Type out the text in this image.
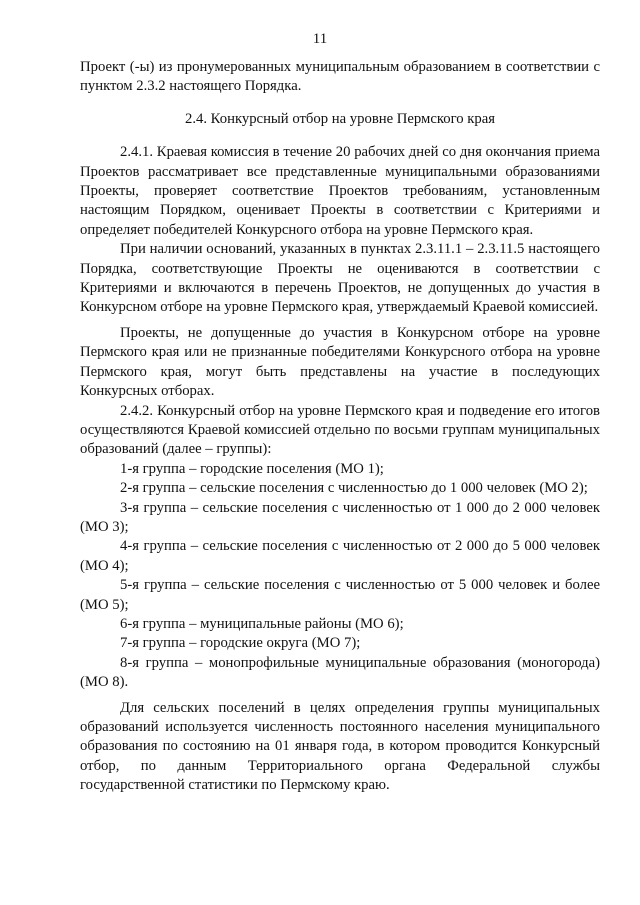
11

Проект (-ы) из пронумерованных муниципальным образованием в соответствии с пунктом 2.3.2 настоящего Порядка.

2.4. Конкурсный отбор на уровне Пермского края

2.4.1. Краевая комиссия в течение 20 рабочих дней со дня окончания приема Проектов рассматривает все представленные муниципальными образованиями Проекты, проверяет соответствие Проектов требованиям, установленным настоящим Порядком, оценивает Проекты в соответствии с Критериями и определяет победителей Конкурсного отбора на уровне Пермского края.

При наличии оснований, указанных в пунктах 2.3.11.1 – 2.3.11.5 настоящего Порядка, соответствующие Проекты не оцениваются в соответствии с Критериями и включаются в перечень Проектов, не допущенных до участия в Конкурсном отборе на уровне Пермского края, утверждаемый Краевой комиссией.

Проекты, не допущенные до участия в Конкурсном отборе на уровне Пермского края или не признанные победителями Конкурсного отбора на уровне Пермского края, могут быть представлены на участие в последующих Конкурсных отборах.

2.4.2. Конкурсный отбор на уровне Пермского края и подведение его итогов осуществляются Краевой комиссией отдельно по восьми группам муниципальных образований (далее – группы):

1-я группа – городские поселения (МО 1);

2-я группа – сельские поселения с численностью до 1 000 человек (МО 2);

3-я группа – сельские поселения с численностью от 1 000 до 2 000 человек (МО 3);

4-я группа – сельские поселения с численностью от 2 000 до 5 000 человек (МО 4);

5-я группа – сельские поселения с численностью от 5 000 человек и более (МО 5);

6-я группа – муниципальные районы (МО 6);

7-я группа – городские округа (МО 7);

8-я группа – монопрофильные муниципальные образования (моногорода) (МО 8).

Для сельских поселений в целях определения группы муниципальных образований используется численность постоянного населения муниципального образования по состоянию на 01 января года, в котором проводится Конкурсный отбор, по данным Территориального органа Федеральной службы государственной статистики по Пермскому краю.
